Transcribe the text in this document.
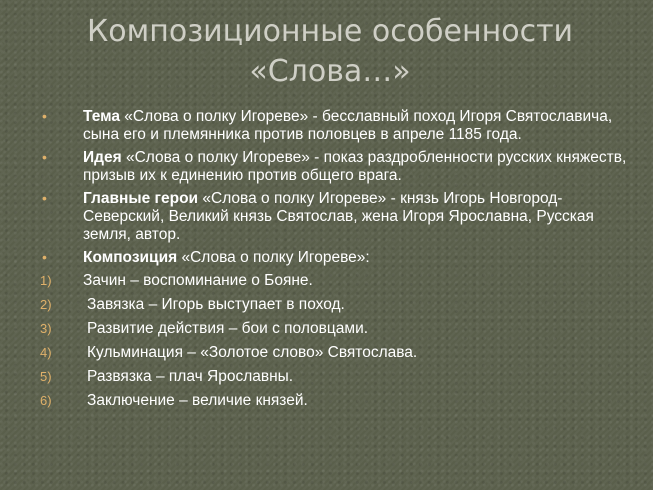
Композиционные особенности
«Слова…»
• Тема «Слова о полку Игореве» - бесславный поход Игоря Святославича, сына его и племянника против половцев в апреле 1185 года.
• Идея «Слова о полку Игореве» - показ раздробленности русских княжеств, призыв их к единению против общего врага.
• Главные герои «Слова о полку Игореве» - князь Игорь Новгород-Северский, Великий князь Святослав, жена Игоря Ярославна, Русская земля, автор.
• Композиция «Слова о полку Игореве»:
1) Зачин – воспоминание о Бояне.
2) Завязка – Игорь выступает в поход.
3) Развитие действия – бои с половцами.
4) Кульминация – «Золотое слово» Святослава.
5) Развязка – плач Ярославны.
6) Заключение – величие князей.
